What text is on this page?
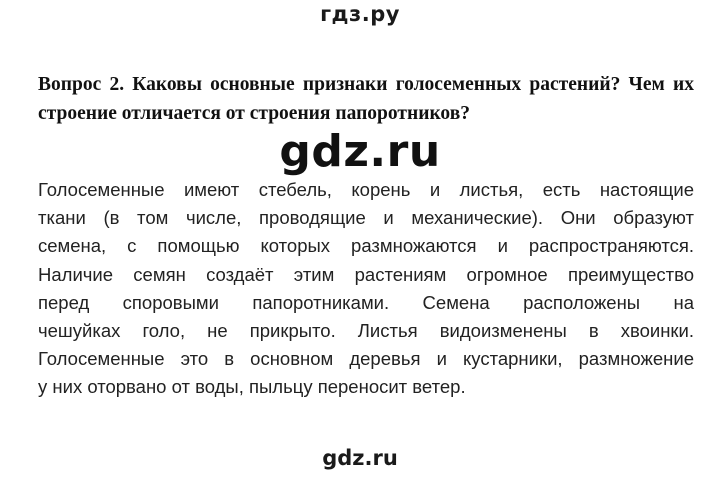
гдз.ру
Вопрос 2. Каковы основные признаки голосеменных растений? Чем их строение отличается от строения папоротников?
Голосеменные имеют стебель, корень и листья, есть настоящие
ткани (в том числе, проводящие и механические). Они образуют
семена, с помощью которых размножаются и распространяются.
Наличие семян создаёт этим растениям огромное преимущество
перед споровыми папоротниками. Семена расположены на
чешуйках голо, не прикрыто. Листья видоизменены в хвоинки.
Голосеменные это в основном деревья и кустарники, размножение
у них оторвано от воды, пыльцу переносит ветер.
gdz.ru
gdz.ru
